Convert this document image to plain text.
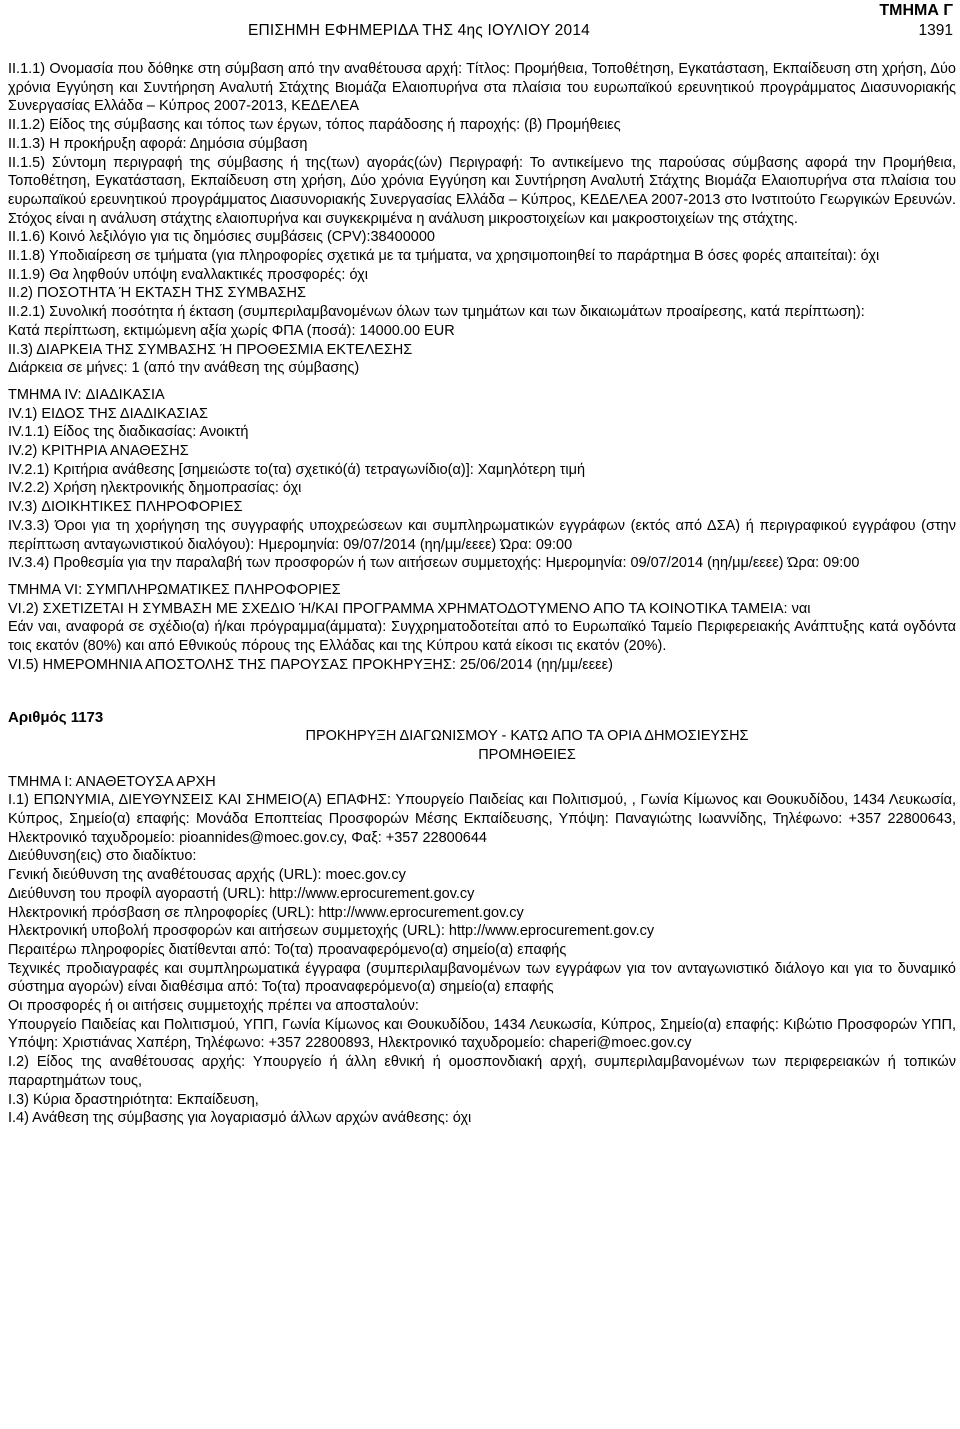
ΤΜΗΜΑ Γ
ΕΠΙΣΗΜΗ ΕΦΗΜΕΡΙΔΑ ΤΗΣ 4ης ΙΟΥΛΙΟΥ 2014	1391

ΙΙ.1.1) Ονομασία που δόθηκε στη σύμβαση από την αναθέτουσα αρχή: Τίτλος: Προμήθεια, Τοποθέτηση, Εγκατάσταση, Εκπαίδευση στη χρήση, Δύο χρόνια Εγγύηση και Συντήρηση Αναλυτή Στάχτης Βιομάζα Ελαιοπυρήνα στα πλαίσια του ευρωπαϊκού ερευνητικού προγράμματος Διασυνοριακής Συνεργασίας Ελλάδα – Κύπρος 2007-2013, ΚΕΔΕΛΕΑ

ΙΙ.1.2) Είδος της σύμβασης και τόπος των έργων, τόπος παράδοσης ή παροχής: (β) Προμήθειες

ΙΙ.1.3) Η προκήρυξη αφορά: Δημόσια σύμβαση

ΙΙ.1.5) Σύντομη περιγραφή της σύμβασης ή της(των) αγοράς(ών) Περιγραφή: Το αντικείμενο της παρούσας σύμβασης αφορά την Προμήθεια, Τοποθέτηση, Εγκατάσταση, Εκπαίδευση στη χρήση, Δύο χρόνια Εγγύηση και Συντήρηση Αναλυτή Στάχτης Βιομάζα Ελαιοπυρήνα στα πλαίσια του ευρωπαϊκού ερευνητικού προγράμματος Διασυνοριακής Συνεργασίας Ελλάδα – Κύπρος, ΚΕΔΕΛΕΑ 2007-2013 στο Ινστιτούτο Γεωργικών Ερευνών. Στόχος είναι η ανάλυση στάχτης ελαιοπυρήνα και συγκεκριμένα η ανάλυση μικροστοιχείων και μακροστοιχείων της στάχτης.

ΙΙ.1.6) Κοινό λεξιλόγιο για τις δημόσιες συμβάσεις (CPV):38400000

ΙΙ.1.8) Υποδιαίρεση σε τμήματα (για πληροφορίες σχετικά με τα τμήματα, να χρησιμοποιηθεί το παράρτημα Β όσες φορές απαιτείται): όχι

ΙΙ.1.9) Θα ληφθούν υπόψη εναλλακτικές προσφορές: όχι

ΙΙ.2) ΠΟΣΟΤΗΤΑ Ή ΕΚΤΑΣΗ ΤΗΣ ΣΥΜΒΑΣΗΣ

ΙΙ.2.1) Συνολική ποσότητα ή έκταση (συμπεριλαμβανομένων όλων των τμημάτων και των δικαιωμάτων προαίρεσης, κατά περίπτωση):

Κατά περίπτωση, εκτιμώμενη αξία χωρίς ΦΠΑ (ποσά): 14000.00 EUR

ΙΙ.3) ΔΙΑΡΚΕΙΑ ΤΗΣ ΣΥΜΒΑΣΗΣ Ή ΠΡΟΘΕΣΜΙΑ ΕΚΤΕΛΕΣΗΣ

Διάρκεια σε μήνες: 1 (από την ανάθεση της σύμβασης)

ΤΜΗΜΑ IV: ΔΙΑΔΙΚΑΣΙΑ

IV.1) ΕΙΔΟΣ ΤΗΣ ΔΙΑΔΙΚΑΣΙΑΣ

IV.1.1) Είδος της διαδικασίας: Ανοικτή

IV.2) ΚΡΙΤΗΡΙΑ ΑΝΑΘΕΣΗΣ

IV.2.1) Κριτήρια ανάθεσης [σημειώστε το(τα) σχετικό(ά) τετραγωνίδιο(α)]: Χαμηλότερη τιμή

IV.2.2) Χρήση ηλεκτρονικής δημοπρασίας: όχι

IV.3) ΔΙΟΙΚΗΤΙΚΕΣ ΠΛΗΡΟΦΟΡΙΕΣ

IV.3.3) Όροι για τη χορήγηση της συγγραφής υποχρεώσεων και συμπληρωματικών εγγράφων (εκτός από ΔΣΑ) ή περιγραφικού εγγράφου (στην περίπτωση ανταγωνιστικού διαλόγου): Ημερομηνία: 09/07/2014 (ηη/μμ/εεεε) Ώρα: 09:00

IV.3.4) Προθεσμία για την παραλαβή των προσφορών ή των αιτήσεων συμμετοχής: Ημερομηνία: 09/07/2014 (ηη/μμ/εεεε) Ώρα: 09:00

ΤΜΗΜΑ VI: ΣΥΜΠΛΗΡΩΜΑΤΙΚΕΣ ΠΛΗΡΟΦΟΡΙΕΣ

VI.2) ΣΧΕΤΙΖΕΤΑΙ Η ΣΥΜΒΑΣΗ ΜΕ ΣΧΕΔΙΟ Ή/ΚΑΙ ΠΡΟΓΡΑΜΜΑ ΧΡΗΜΑΤΟΔΟΤΥΜΕΝΟ ΑΠΟ ΤΑ ΚΟΙΝΟΤΙΚΑ ΤΑΜΕΙΑ: ναι

Εάν ναι, αναφορά σε σχέδιο(α) ή/και πρόγραμμα(άμματα): Συγχρηματοδοτείται από το Ευρωπαϊκό Ταμείο Περιφερειακής Ανάπτυξης κατά ογδόντα τοις εκατόν (80%) και από Εθνικούς πόρους της Ελλάδας και της Κύπρου κατά είκοσι τις εκατόν (20%).

VI.5) ΗΜΕΡΟΜΗΝΙΑ ΑΠΟΣΤΟΛΗΣ ΤΗΣ ΠΑΡΟΥΣΑΣ ΠΡΟΚΗΡΥΞΗΣ: 25/06/2014 (ηη/μμ/εεεε)

Αριθμός 1173

ΠΡΟΚΗΡΥΞΗ ΔΙΑΓΩΝΙΣΜΟΥ - ΚΑΤΩ ΑΠΟ ΤΑ ΟΡΙΑ ΔΗΜΟΣΙΕΥΣΗΣ

ΠΡΟΜΗΘΕΙΕΣ

ΤΜΗΜΑ Ι: ΑΝΑΘΕΤΟΥΣΑ ΑΡΧΗ

Ι.1) ΕΠΩΝΥΜΙΑ, ΔΙΕΥΘΥΝΣΕΙΣ ΚΑΙ ΣΗΜΕΙΟ(Α) ΕΠΑΦΗΣ: Υπουργείο Παιδείας και Πολιτισμού, , Γωνία Κίμωνος και Θουκυδίδου, 1434 Λευκωσία, Κύπρος, Σημείο(α) επαφής: Μονάδα Εποπτείας Προσφορών Μέσης Εκπαίδευσης, Υπόψη: Παναγιώτης Ιωαννίδης, Τηλέφωνο: +357 22800643, Ηλεκτρονικό ταχυδρομείο: pioannides@moec.gov.cy, Φαξ: +357 22800644

Διεύθυνση(εις) στο διαδίκτυο:

Γενική διεύθυνση της αναθέτουσας αρχής (URL): moec.gov.cy

Διεύθυνση του προφίλ αγοραστή (URL): http://www.eprocurement.gov.cy

Ηλεκτρονική πρόσβαση σε πληροφορίες (URL): http://www.eprocurement.gov.cy

Ηλεκτρονική υποβολή προσφορών και αιτήσεων συμμετοχής (URL): http://www.eprocurement.gov.cy

Περαιτέρω πληροφορίες διατίθενται από: Το(τα) προαναφερόμενο(α) σημείο(α) επαφής

Τεχνικές προδιαγραφές και συμπληρωματικά έγγραφα (συμπεριλαμβανομένων των εγγράφων για τον ανταγωνιστικό διάλογο και για το δυναμικό σύστημα αγορών) είναι διαθέσιμα από: Το(τα) προαναφερόμενο(α) σημείο(α) επαφής

Οι προσφορές ή οι αιτήσεις συμμετοχής πρέπει να αποσταλούν:

Υπουργείο Παιδείας και Πολιτισμού, ΥΠΠ, Γωνία Κίμωνος και Θουκυδίδου, 1434 Λευκωσία, Κύπρος, Σημείο(α) επαφής: Κιβώτιο Προσφορών ΥΠΠ, Υπόψη: Χριστιάνας Χαπέρη, Τηλέφωνο: +357 22800893, Ηλεκτρονικό ταχυδρομείο: chaperi@moec.gov.cy

Ι.2) Είδος της αναθέτουσας αρχής: Υπουργείο ή άλλη εθνική ή ομοσπονδιακή αρχή, συμπεριλαμβανομένων των περιφερειακών ή τοπικών παραρτημάτων τους,

Ι.3) Κύρια δραστηριότητα: Εκπαίδευση,

Ι.4) Ανάθεση της σύμβασης για λογαριασμό άλλων αρχών ανάθεσης: όχι
